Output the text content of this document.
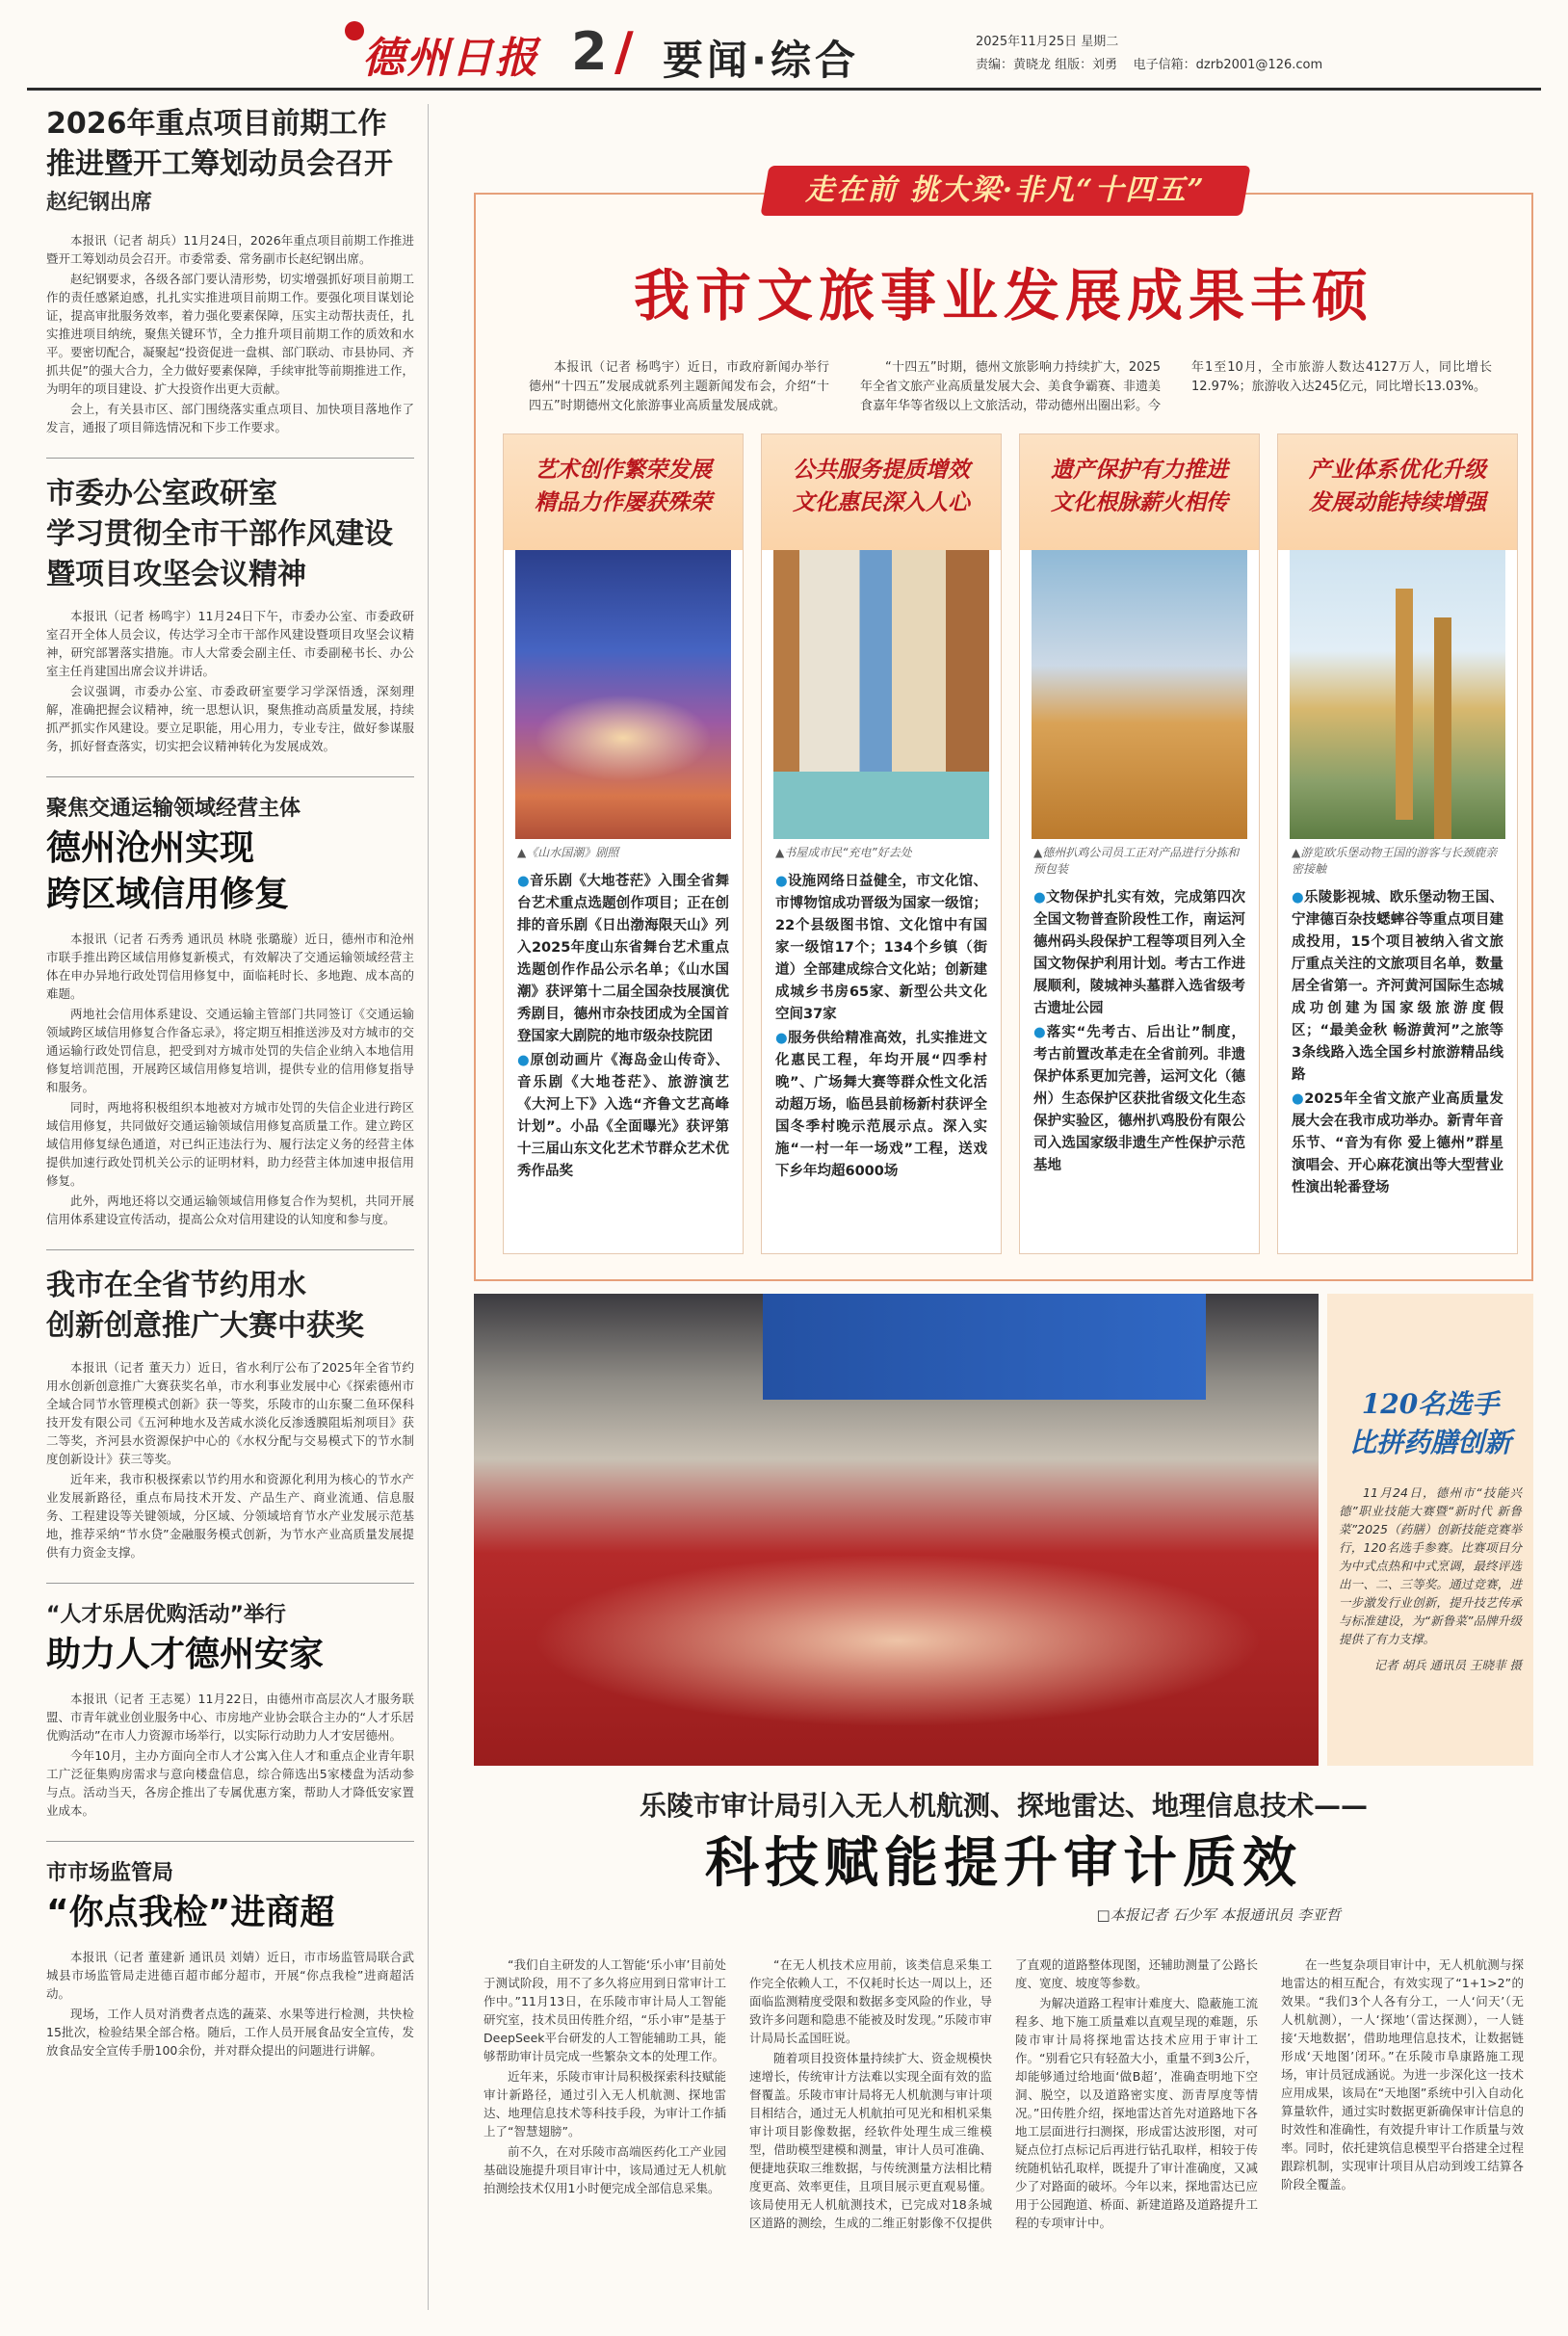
德州日报 2 / 要闻·综合	2025年11月25日 星期二
责编：黄晓龙 组版：刘勇 电子信箱：dzrb2001@126.com
2026年重点项目前期工作
推进暨开工筹划动员会召开
赵纪钢出席

本报讯（记者 胡兵）11月24日，2026年重点项目前期工作推进暨开工筹划动员会召开。市委常委、常务副市长赵纪钢出席。

赵纪钢要求，各级各部门要认清形势，切实增强抓好项目前期工作的责任感紧迫感，扎扎实实推进项目前期工作。要强化项目谋划论证，提高审批服务效率，着力强化要素保障，压实主动帮扶责任，扎实推进项目纳统，聚焦关键环节，全力推升项目前期工作的质效和水平。要密切配合，凝聚起“投资促进一盘棋、部门联动、市县协同、齐抓共促”的强大合力，全力做好要素保障，手续审批等前期推进工作，为明年的项目建设、扩大投资作出更大贡献。

会上，有关县市区、部门围绕落实重点项目、加快项目落地作了发言，通报了项目筛选情况和下步工作要求。

市委办公室政研室
学习贯彻全市干部作风建设
暨项目攻坚会议精神

本报讯（记者 杨鸣宇）11月24日下午，市委办公室、市委政研室召开全体人员会议，传达学习全市干部作风建设暨项目攻坚会议精神，研究部署落实措施。市人大常委会副主任、市委副秘书长、办公室主任肖建国出席会议并讲话。

会议强调，市委办公室、市委政研室要学习学深悟透，深刻理解，准确把握会议精神，统一思想认识，聚焦推动高质量发展，持续抓严抓实作风建设。要立足职能，用心用力，专业专注，做好参谋服务，抓好督查落实，切实把会议精神转化为发展成效。

聚焦交通运输领域经营主体
德州沧州实现
跨区域信用修复

本报讯（记者 石秀秀 通讯员 林晓 张璐璇）近日，德州市和沧州市联手推出跨区域信用修复新模式，有效解决了交通运输领域经营主体在申办异地行政处罚信用修复中，面临耗时长、多地跑、成本高的难题。

两地社会信用体系建设、交通运输主管部门共同签订《交通运输领域跨区域信用修复合作备忘录》，将定期互相推送涉及对方城市的交通运输行政处罚信息，把受到对方城市处罚的失信企业纳入本地信用修复培训范围，开展跨区域信用修复培训，提供专业的信用修复指导和服务。

同时，两地将积极组织本地被对方城市处罚的失信企业进行跨区域信用修复，共同做好交通运输领域信用修复高质量工作。建立跨区域信用修复绿色通道，对已纠正违法行为、履行法定义务的经营主体提供加速行政处罚机关公示的证明材料，助力经营主体加速申报信用修复。

此外，两地还将以交通运输领域信用修复合作为契机，共同开展信用体系建设宣传活动，提高公众对信用建设的认知度和参与度。

我市在全省节约用水
创新创意推广大赛中获奖

本报讯（记者 董天力）近日，省水利厅公布了2025年全省节约用水创新创意推广大赛获奖名单，市水利事业发展中心《探索德州市全域合同节水管理模式创新》获一等奖，乐陵市的山东聚二鱼环保科技开发有限公司《五河种地水及苦咸水淡化反渗透膜阻垢剂项目》获二等奖，齐河县水资源保护中心的《水权分配与交易模式下的节水制度创新设计》获三等奖。

近年来，我市积极探索以节约用水和资源化利用为核心的节水产业发展新路径，重点布局技术开发、产品生产、商业流通、信息服务、工程建设等关键领域，分区域、分领域培育节水产业发展示范基地，推荐采纳“节水贷”金融服务模式创新，为节水产业高质量发展提供有力资金支撑。

“人才乐居优购活动”举行
助力人才德州安家

本报讯（记者 王志冕）11月22日，由德州市高层次人才服务联盟、市青年就业创业服务中心、市房地产业协会联合主办的“人才乐居优购活动”在市人力资源市场举行，以实际行动助力人才安居德州。

今年10月，主办方面向全市人才公寓入住人才和重点企业青年职工广泛征集购房需求与意向楼盘信息，综合筛选出5家楼盘为活动参与点。活动当天，各房企推出了专属优惠方案，帮助人才降低安家置业成本。

市市场监管局
“你点我检”进商超

本报讯（记者 董建新 通讯员 刘婧）近日，市市场监管局联合武城县市场监管局走进德百超市邮分超市，开展“你点我检”进商超活动。

现场，工作人员对消费者点选的蔬菜、水果等进行检测，共快检15批次，检验结果全部合格。随后，工作人员开展食品安全宣传，发放食品安全宣传手册100余份，并对群众提出的问题进行讲解。

走在前 挑大梁·非凡“十四五”
我市文旅事业发展成果丰硕

本报讯（记者 杨鸣宇）近日，市政府新闻办举行德州“十四五”发展成就系列主题新闻发布会，介绍“十四五”时期德州文化旅游事业高质量发展成就。

“十四五”时期，德州文旅影响力持续扩大，2025年全省文旅产业高质量发展大会、美食争霸赛、非遗美食嘉年华等省级以上文旅活动，带动德州出圈出彩。今年1至10月，全市旅游人数达4127万人，同比增长12.97%；旅游收入达245亿元，同比增长13.03%。

艺术创作繁荣发展
精品力作屡获殊荣
▲《山水国潮》剧照

●音乐剧《大地苍茫》入围全省舞台艺术重点选题创作项目；正在创排的音乐剧《日出渤海限天山》列入2025年度山东省舞台艺术重点选题创作作品公示名单；《山水国潮》获评第十二届全国杂技展演优秀剧目，德州市杂技团成为全国首登国家大剧院的地市级杂技院团

●原创动画片《海岛金山传奇》、音乐剧《大地苍茫》、旅游演艺《大河上下》入选“齐鲁文艺高峰计划”。小品《全面曝光》获评第十三届山东文化艺术节群众艺术优秀作品奖

公共服务提质增效
文化惠民深入人心
▲书屋成市民“充电”好去处

●设施网络日益健全，市文化馆、市博物馆成功晋级为国家一级馆；22个县级图书馆、文化馆中有国家一级馆17个；134个乡镇（街道）全部建成综合文化站；创新建成城乡书房65家、新型公共文化空间37家

●服务供给精准高效，扎实推进文化惠民工程，年均开展“四季村晚”、广场舞大赛等群众性文化活动超万场，临邑县前杨新村获评全国冬季村晚示范展示点。深入实施“一村一年一场戏”工程，送戏下乡年均超6000场

遗产保护有力推进
文化根脉薪火相传
▲德州扒鸡公司员工正对产品进行分拣和预包装

●文物保护扎实有效，完成第四次全国文物普查阶段性工作，南运河德州码头段保护工程等项目列入全国文物保护利用计划。考古工作进展顺利，陵城神头墓群入选省级考古遗址公园

●落实“先考古、后出让”制度，考古前置改革走在全省前列。非遗保护体系更加完善，运河文化（德州）生态保护区获批省级文化生态保护实验区，德州扒鸡股份有限公司入选国家级非遗生产性保护示范基地

产业体系优化升级
发展动能持续增强
▲游览欧乐堡动物王国的游客与长颈鹿亲密接触

●乐陵影视城、欧乐堡动物王国、宁津德百杂技蟋蟀谷等重点项目建成投用，15个项目被纳入省文旅厅重点关注的文旅项目名单，数量居全省第一。齐河黄河国际生态城成功创建为国家级旅游度假区；“最美金秋 畅游黄河”之旅等3条线路入选全国乡村旅游精品线路

●2025年全省文旅产业高质量发展大会在我市成功举办。新青年音乐节、“音为有你 爱上德州”群星演唱会、开心麻花演出等大型营业性演出轮番登场

120名选手
比拼药膳创新
11月24日，德州市“技能兴德”职业技能大赛暨“新时代 新鲁菜”2025（药膳）创新技能竞赛举行，120名选手参赛。比赛项目分为中式点热和中式烹调，最终评选出一、二、三等奖。通过竞赛，进一步激发行业创新，提升技艺传承与标准建设，为“新鲁菜”品牌升级提供了有力支撑。
记者 胡兵 通讯员 王晓菲 摄
乐陵市审计局引入无人机航测、探地雷达、地理信息技术——
科技赋能提升审计质效
□本报记者 石少军 本报通讯员 李亚哲

“我们自主研发的人工智能‘乐小审’目前处于测试阶段，用不了多久将应用到日常审计工作中。”11月13日，在乐陵市审计局人工智能研究室，技术员田传胜介绍，“乐小审”是基于DeepSeek平台研发的人工智能辅助工具，能够帮助审计员完成一些繁杂文本的处理工作。

近年来，乐陵市审计局积极探索科技赋能审计新路径，通过引入无人机航测、探地雷达、地理信息技术等科技手段，为审计工作插上了“智慧翅膀”。

前不久，在对乐陵市高端医药化工产业园基础设施提升项目审计中，该局通过无人机航拍测绘技术仅用1小时便完成全部信息采集。

“在无人机技术应用前，该类信息采集工作完全依赖人工，不仅耗时长达一周以上，还面临监测精度受限和数据多变风险的作业，导致许多问题和隐患不能被及时发现。”乐陵市审计局局长孟国旺说。

随着项目投资体量持续扩大、资金规模快速增长，传统审计方法难以实现全面有效的监督覆盖。乐陵市审计局将无人机航测与审计项目相结合，通过无人机航拍可见光和相机采集审计项目影像数据，经软件处理生成三维模型，借助模型建模和测量，审计人员可准确、便捷地获取三维数据，与传统测量方法相比精度更高、效率更佳，且项目展示更直观易懂。该局使用无人机航测技术，已完成对18条城区道路的测绘，生成的二维正射影像不仅提供了直观的道路整体现图，还辅助测量了公路长度、宽度、坡度等参数。

为解决道路工程审计难度大、隐蔽施工流程多、地下施工质量难以直观呈现的难题，乐陵市审计局将探地雷达技术应用于审计工作。“别看它只有轻盈大小，重量不到3公斤，却能够通过给地面‘做B超’，准确查明地下空洞、脱空，以及道路密实度、沥青厚度等情况。”田传胜介绍，探地雷达首先对道路地下各地工层面进行扫测探，形成雷达波形图，对可疑点位打点标记后再进行钻孔取样，相较于传统随机钻孔取样，既提升了审计准确度，又减少了对路面的破坏。今年以来，探地雷达已应用于公园跑道、桥面、新建道路及道路提升工程的专项审计中。

在一些复杂项目审计中，无人机航测与探地雷达的相互配合，有效实现了“1+1>2”的效果。“我们3个人各有分工，一人‘问天’（无人机航测），一人‘探地’（雷达探测），一人链接‘天地数据’，借助地理信息技术，让数据链形成‘天地图’闭环。”在乐陵市阜康路施工现场，审计员冠成涵说。为进一步深化这一技术应用成果，该局在“天地图”系统中引入自动化算量软件，通过实时数据更新确保审计信息的时效性和准确性，有效提升审计工作质量与效率。同时，依托建筑信息模型平台搭建全过程跟踪机制，实现审计项目从启动到竣工结算各阶段全覆盖。
